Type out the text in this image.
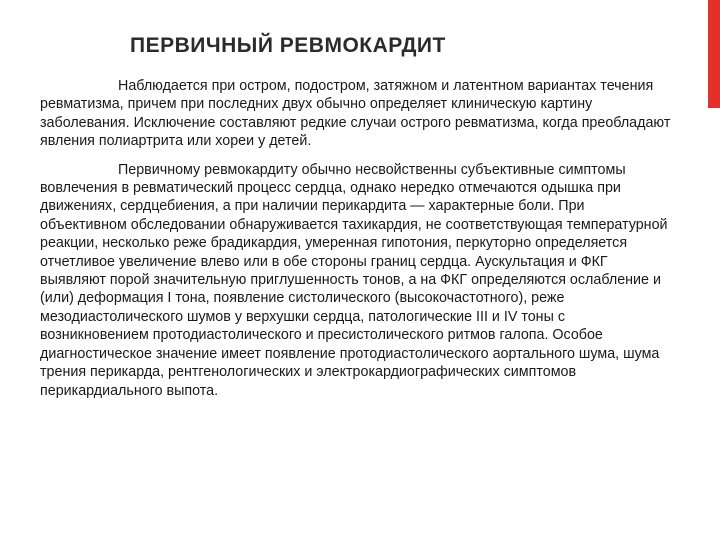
ПЕРВИЧНЫЙ РЕВМОКАРДИТ

Наблюдается при остром, подостром, затяжном и латентном вариантах течения ревматизма, причем при последних двух обычно определяет клиническую картину заболевания. Исключение составляют редкие случаи острого ревматизма, когда преобладают явления полиартрита или хореи у детей.

Первичному ревмокардиту обычно несвойственны субъективные симптомы вовлечения в ревматический процесс сердца, однако нередко отмечаются одышка при движениях, сердцебиения, а при наличии перикардита — характерные боли. При объективном обследовании обнаруживается тахикардия, не соответствующая температурной реакции, несколько реже брадикардия, умеренная гипотония, перкуторно определяется отчетливое увеличение влево или в обе стороны границ сердца. Аускультация и ФКГ выявляют порой значительную приглушенность тонов, а на ФКГ определяются ослабление и (или) деформация I тона, появление систолического (высокочастотного), реже мезодиастолического шумов у верхушки сердца, патологические III и IV тоны с возникновением протодиастолического и пресистолического ритмов галопа. Особое диагностическое значение имеет появление протодиастолического аортального шума, шума трения перикарда, рентгенологических и электрокардиографических симптомов перикардиального выпота.
